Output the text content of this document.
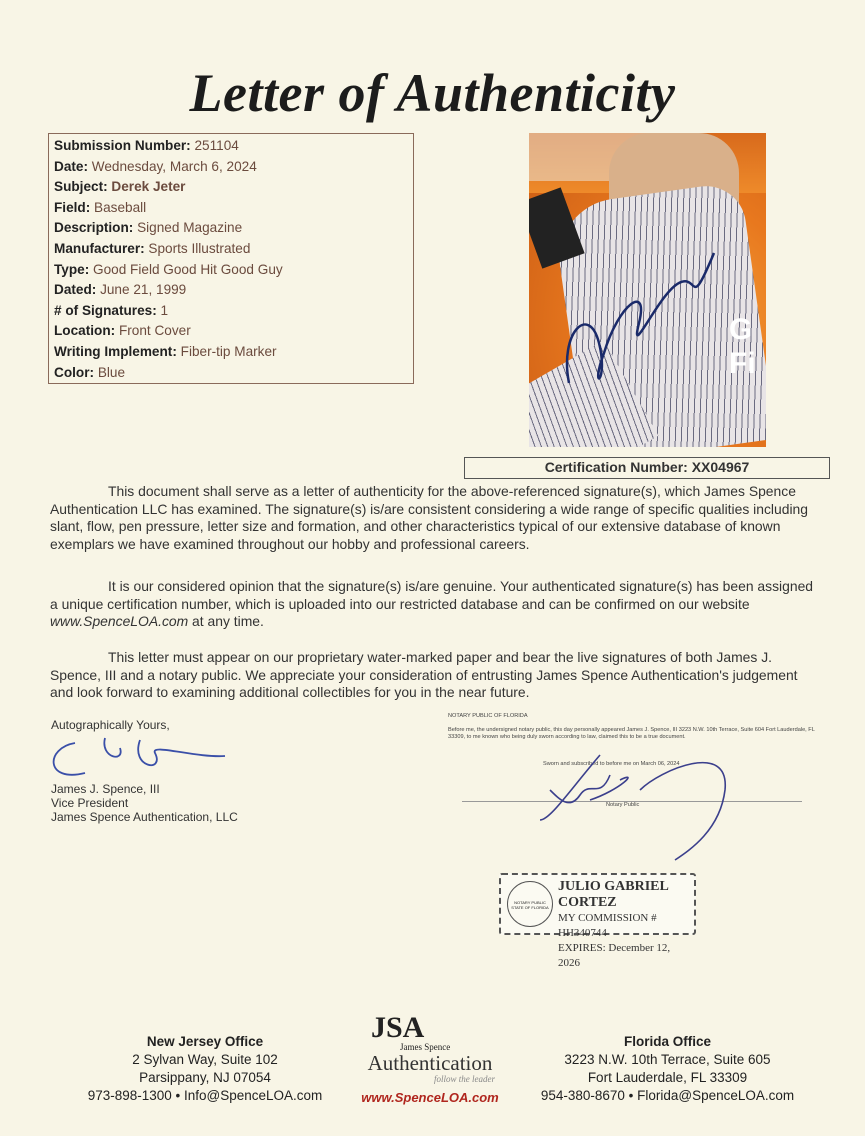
Letter of Authenticity
Submission Number: 251104
Date: Wednesday, March 6, 2024
Subject: Derek Jeter
Field: Baseball
Description: Signed Magazine
Manufacturer: Sports Illustrated
Type: Good Field Good Hit Good Guy
Dated: June 21, 1999
# of Signatures: 1
Location: Front Cover
Writing Implement: Fiber-tip Marker
Color: Blue
G
Fi
Certification Number: XX04967

This document shall serve as a letter of authenticity for the above-referenced signature(s), which James Spence Authentication LLC has examined. The signature(s) is/are consistent considering a wide range of specific qualities including slant, flow, pen pressure, letter size and formation, and other characteristics typical of our extensive database of known exemplars we have examined throughout our hobby and professional careers.

It is our considered opinion that the signature(s) is/are genuine. Your authenticated signature(s) has been assigned a unique certification number, which is uploaded into our restricted database and can be confirmed on our website www.SpenceLOA.com at any time.

This letter must appear on our proprietary water-marked paper and bear the live signatures of both James J. Spence, III and a notary public. We appreciate your consideration of entrusting James Spence Authentication's judgement and look forward to examining additional collectibles for you in the near future.

Autographically Yours,
James J. Spence, III
Vice President
James Spence Authentication, LLC
NOTARY PUBLIC OF FLORIDA
Before me, the undersigned notary public, this day personally appeared James J. Spence, III 3223 N.W. 10th Terrace, Suite 604 Fort Lauderdale, FL 33309, to me known who being duly sworn according to law, claimed this to be a true document.
Sworn and subscribed to before me on March 06, 2024
Notary Public
NOTARY PUBLIC STATE OF FLORIDA
JULIO GABRIEL CORTEZ
MY COMMISSION # HH340744
EXPIRES: December 12, 2026
New Jersey Office
2 Sylvan Way, Suite 102
Parsippany, NJ 07054
973-898-1300 • Info@SpenceLOA.com
JSA
James Spence
Authentication
follow the leader
www.SpenceLOA.com
Florida Office
3223 N.W. 10th Terrace, Suite 605
Fort Lauderdale, FL 33309
954-380-8670 • Florida@SpenceLOA.com
